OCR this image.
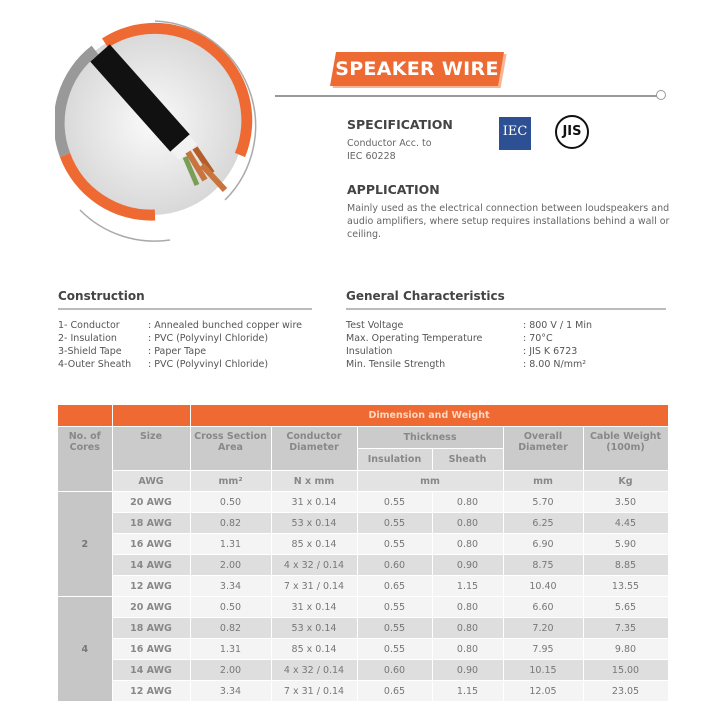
SPEAKER WIRE
SPECIFICATION
Conductor Acc. to
IEC 60228
IEC	JIS
APPLICATION
Mainly used as the electrical connection between loudspeakers and audio amplifiers, where setup requires installations behind a wall or ceiling.
Construction
1- Conductor	: Annealed bunched copper wire
2- Insulation	: PVC (Polyvinyl Chloride)
3-Shield Tape	: Paper Tape
4-Outer Sheath : PVC (Polyvinyl Chloride)
General Characteristics
Test Voltage	: 800 V / 1 Min
Max. Operating Temperature	: 70°C
Insulation	: JIS K 6723
Min. Tensile Strength	: 8.00 N/mm²
		Dimension and Weight					
No. of Cores	Size	Cross Section Area	Conductor Diameter	Thickness		Overall Diameter	Cable Weight (100m)
				Insulation	Sheath		
	AWG	mm²	N x mm	mm		mm	Kg
2	20 AWG	0.50	31 x 0.14	0.55	0.80	5.70	3.50
	18 AWG	0.82	53 x 0.14	0.55	0.80	6.25	4.45
	16 AWG	1.31	85 x 0.14	0.55	0.80	6.90	5.90
	14 AWG	2.00	4 x 32 / 0.14	0.60	0.90	8.75	8.85
	12 AWG	3.34	7 x 31 / 0.14	0.65	1.15	10.40	13.55
4	20 AWG	0.50	31 x 0.14	0.55	0.80	6.60	5.65
	18 AWG	0.82	53 x 0.14	0.55	0.80	7.20	7.35
	16 AWG	1.31	85 x 0.14	0.55	0.80	7.95	9.80
	14 AWG	2.00	4 x 32 / 0.14	0.60	0.90	10.15	15.00
	12 AWG	3.34	7 x 31 / 0.14	0.65	1.15	12.05	23.05
